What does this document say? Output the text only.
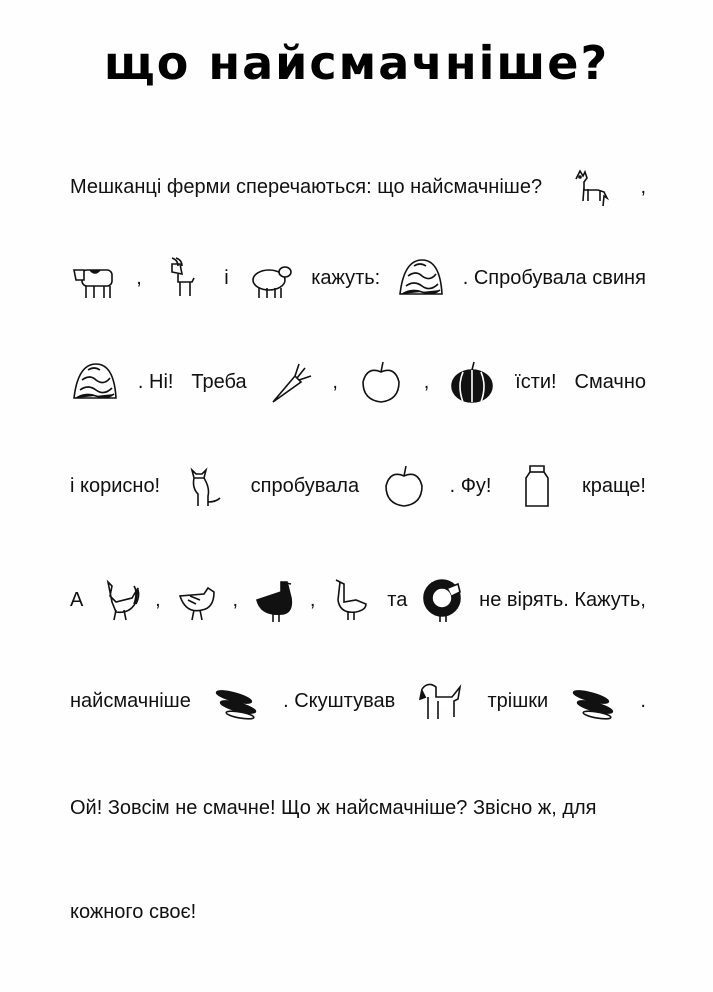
що найсмачніше?
Мешканці ферми сперечаються: що найсмачніше?	,
,	і	кажуть:	. Спробувала свиня
. Ні! Треба	,	,	їсти! Смачно
і корисно!	спробувала	. Фу!	краще!
А	,	,	,	та	не вірять. Кажуть,
найсмачніше	. Скуштував	трішки	.
Ой! Зовсім не смачне! Що ж найсмачніше? Звісно ж, для
кожного своє!
